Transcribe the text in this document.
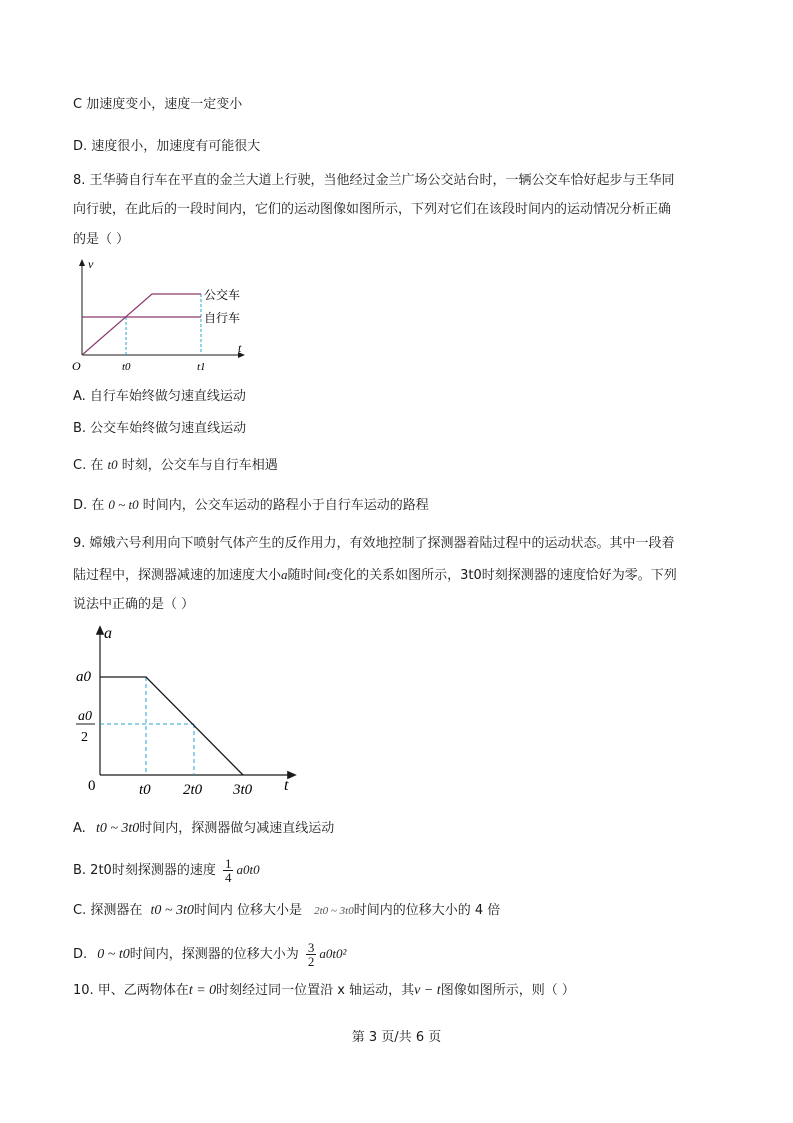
C 加速度变小，速度一定变小
D. 速度很小，加速度有可能很大
8. 王华骑自行车在平直的金兰大道上行驶，当他经过金兰广场公交站台时，一辆公交车恰好起步与王华同
向行驶，在此后的一段时间内，它们的运动图像如图所示，下列对它们在该段时间内的运动情况分析正确
的是（ ）
v
t
O	t0	t1
公交车
自行车
A. 自行车始终做匀速直线运动
B. 公交车始终做匀速直线运动
C. 在 t0 时刻，公交车与自行车相遇
D. 在 0 ~ t0 时间内，公交车运动的路程小于自行车运动的路程
9. 嫦娥六号利用向下喷射气体产生的反作用力，有效地控制了探测器着陆过程中的运动状态。其中一段着
陆过程中，探测器减速的加速度大小a随时间t变化的关系如图所示，3t0时刻探测器的速度恰好为零。下列
说法中正确的是（ ）
a
t
0
a0
a0
2
t0 2t0 3t0
A. t0 ~ 3t0时间内，探测器做匀减速直线运动
B. 2t0时刻探测器的速度 $\frac{1}{4} a0t0$
C. 探测器在 t0 ~ 3t0时间内 位移大小是 2t0 ~ 3t0时间内的位移大小的 4 倍
D. 0 ~ t0时间内，探测器的位移大小为 $\frac{3}{2} a0t0^2$
10. 甲、乙两物体在t = 0时刻经过同一位置沿 x 轴运动，其v − t图像如图所示，则（ ）
第 3 页/共 6 页
